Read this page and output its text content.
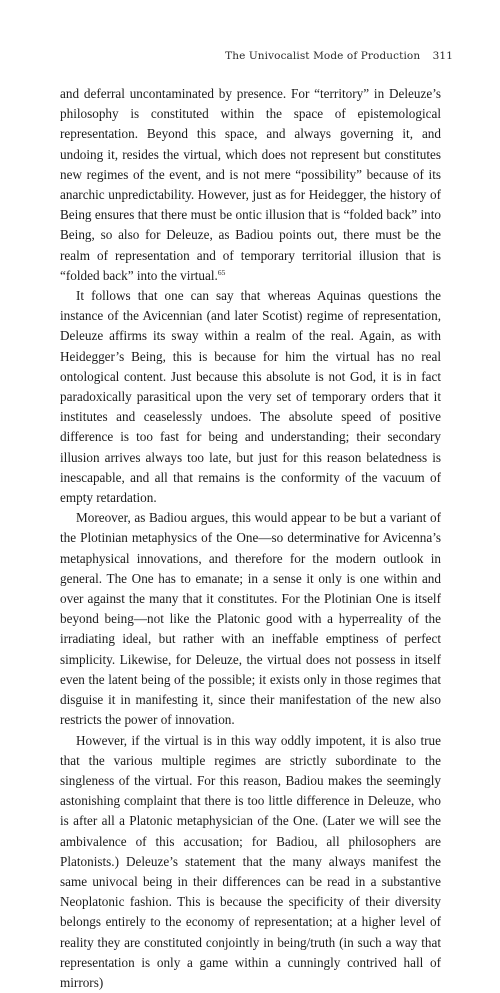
The Univocalist Mode of Production 311

and deferral uncontaminated by presence. For “territory” in Deleuze’s philosophy is constituted within the space of epistemological representation. Beyond this space, and always governing it, and undoing it, resides the virtual, which does not represent but constitutes new regimes of the event, and is not mere “possibility” because of its anarchic unpredictability. However, just as for Heidegger, the history of Being ensures that there must be ontic illusion that is “folded back” into Being, so also for Deleuze, as Badiou points out, there must be the realm of representation and of temporary territorial illusion that is “folded back” into the virtual.$^{65}$

It follows that one can say that whereas Aquinas questions the instance of the Avicennian (and later Scotist) regime of representation, Deleuze affirms its sway within a realm of the real. Again, as with Heidegger’s Being, this is because for him the virtual has no real ontological content. Just because this absolute is not God, it is in fact paradoxically parasitical upon the very set of temporary orders that it institutes and ceaselessly undoes. The absolute speed of positive difference is too fast for being and understanding; their secondary illusion arrives always too late, but just for this reason belatedness is inescapable, and all that remains is the conformity of the vacuum of empty retardation.

Moreover, as Badiou argues, this would appear to be but a variant of the Plotinian metaphysics of the One—so determinative for Avicenna’s metaphysical innovations, and therefore for the modern outlook in general. The One has to emanate; in a sense it only is one within and over against the many that it constitutes. For the Plotinian One is itself beyond being—not like the Platonic good with a hyperreality of the irradiating ideal, but rather with an ineffable emptiness of perfect simplicity. Likewise, for Deleuze, the virtual does not possess in itself even the latent being of the possible; it exists only in those regimes that disguise it in manifesting it, since their manifestation of the new also restricts the power of innovation.

However, if the virtual is in this way oddly impotent, it is also true that the various multiple regimes are strictly subordinate to the singleness of the virtual. For this reason, Badiou makes the seemingly astonishing complaint that there is too little difference in Deleuze, who is after all a Platonic metaphysician of the One. (Later we will see the ambivalence of this accusation; for Badiou, all philosophers are Platonists.) Deleuze’s statement that the many always manifest the same univocal being in their differences can be read in a substantive Neoplatonic fashion. This is because the specificity of their diversity belongs entirely to the economy of representation; at a higher level of reality they are constituted conjointly in being/truth (in such a way that representation is only a game within a cunningly contrived hall of mirrors)
